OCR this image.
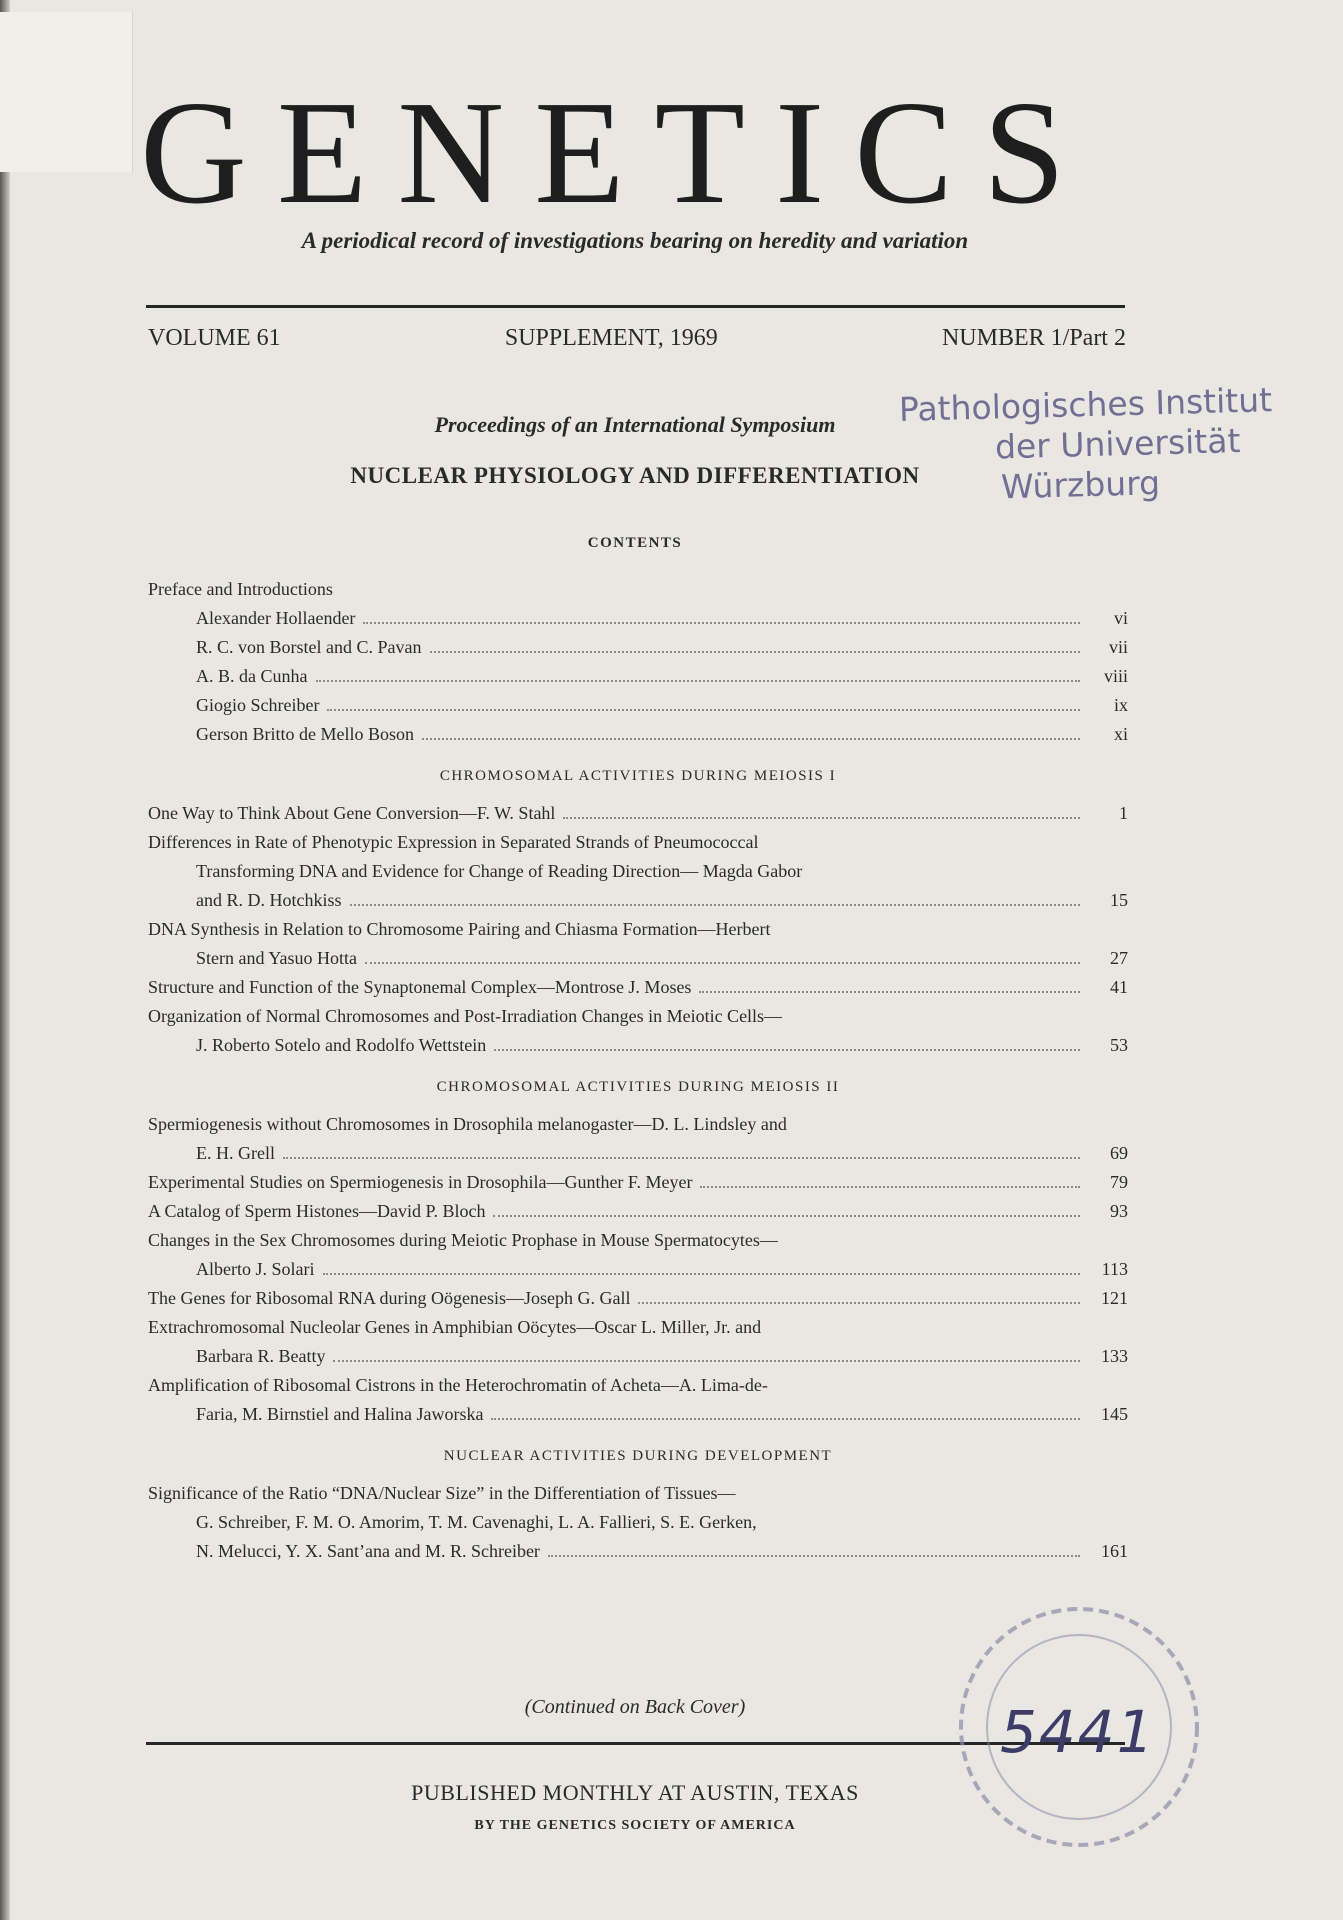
GENETICS
A periodical record of investigations bearing on heredity and variation
VOLUME 61	SUPPLEMENT, 1969	NUMBER 1/Part 2
Proceedings of an International Symposium
NUCLEAR PHYSIOLOGY AND DIFFERENTIATION
Pathologisches Institut
der Universität
Würzburg
CONTENTS
Preface and Introductions
Alexander Hollaender	vi
R. C. von Borstel and C. Pavan	vii
A. B. da Cunha	viii
Giogio Schreiber	ix
Gerson Britto de Mello Boson	xi
CHROMOSOMAL ACTIVITIES DURING MEIOSIS I
One Way to Think About Gene Conversion—F. W. Stahl	1
Differences in Rate of Phenotypic Expression in Separated Strands of Pneumococcal
Transforming DNA and Evidence for Change of Reading Direction— Magda Gabor
and R. D. Hotchkiss	15
DNA Synthesis in Relation to Chromosome Pairing and Chiasma Formation—Herbert
Stern and Yasuo Hotta	27
Structure and Function of the Synaptonemal Complex—Montrose J. Moses	41
Organization of Normal Chromosomes and Post-Irradiation Changes in Meiotic Cells—
J. Roberto Sotelo and Rodolfo Wettstein	53
CHROMOSOMAL ACTIVITIES DURING MEIOSIS II
Spermiogenesis without Chromosomes in Drosophila melanogaster—D. L. Lindsley and
E. H. Grell	69
Experimental Studies on Spermiogenesis in Drosophila—Gunther F. Meyer	79
A Catalog of Sperm Histones—David P. Bloch	93
Changes in the Sex Chromosomes during Meiotic Prophase in Mouse Spermatocytes—
Alberto J. Solari	113
The Genes for Ribosomal RNA during Oögenesis—Joseph G. Gall	121
Extrachromosomal Nucleolar Genes in Amphibian Oöcytes—Oscar L. Miller, Jr. and
Barbara R. Beatty	133
Amplification of Ribosomal Cistrons in the Heterochromatin of Acheta—A. Lima-de-
Faria, M. Birnstiel and Halina Jaworska	145
NUCLEAR ACTIVITIES DURING DEVELOPMENT
Significance of the Ratio “DNA/Nuclear Size” in the Differentiation of Tissues—
G. Schreiber, F. M. O. Amorim, T. M. Cavenaghi, L. A. Fallieri, S. E. Gerken,
N. Melucci, Y. X. Sant’ana and M. R. Schreiber	161
(Continued on Back Cover)
PUBLISHED MONTHLY AT AUSTIN, TEXAS
BY THE GENETICS SOCIETY OF AMERICA
5441
